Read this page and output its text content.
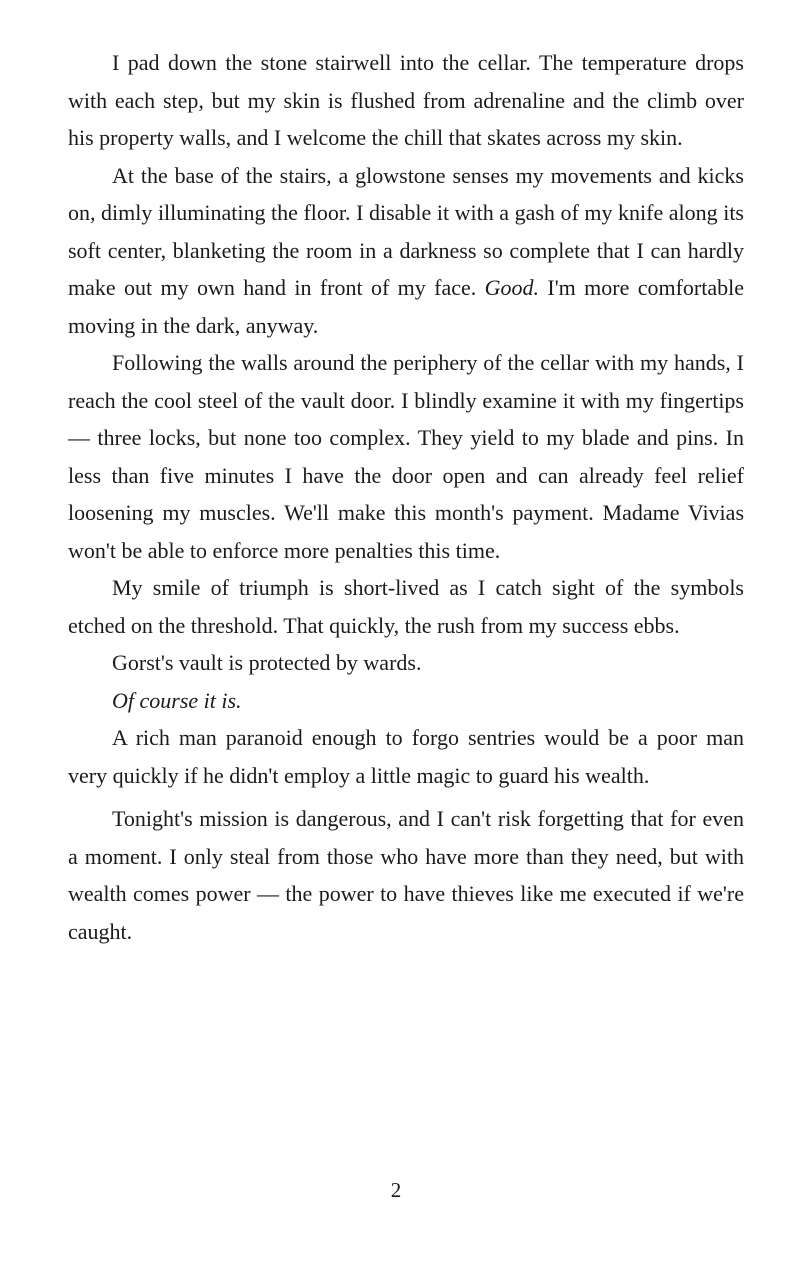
I pad down the stone stairwell into the cellar. The temperature drops with each step, but my skin is flushed from adrenaline and the climb over his property walls, and I welcome the chill that skates across my skin.

At the base of the stairs, a glowstone senses my movements and kicks on, dimly illuminating the floor. I disable it with a gash of my knife along its soft center, blanketing the room in a darkness so complete that I can hardly make out my own hand in front of my face. Good. I'm more comfortable moving in the dark, anyway.

Following the walls around the periphery of the cellar with my hands, I reach the cool steel of the vault door. I blindly examine it with my fingertips — three locks, but none too complex. They yield to my blade and pins. In less than five minutes I have the door open and can already feel relief loosening my muscles. We'll make this month's payment. Madame Vivias won't be able to enforce more penalties this time.

My smile of triumph is short-lived as I catch sight of the symbols etched on the threshold. That quickly, the rush from my success ebbs.

Gorst's vault is protected by wards.

Of course it is.

A rich man paranoid enough to forgo sentries would be a poor man very quickly if he didn't employ a little magic to guard his wealth.

Tonight's mission is dangerous, and I can't risk forgetting that for even a moment. I only steal from those who have more than they need, but with wealth comes power — the power to have thieves like me executed if we're caught.

2
